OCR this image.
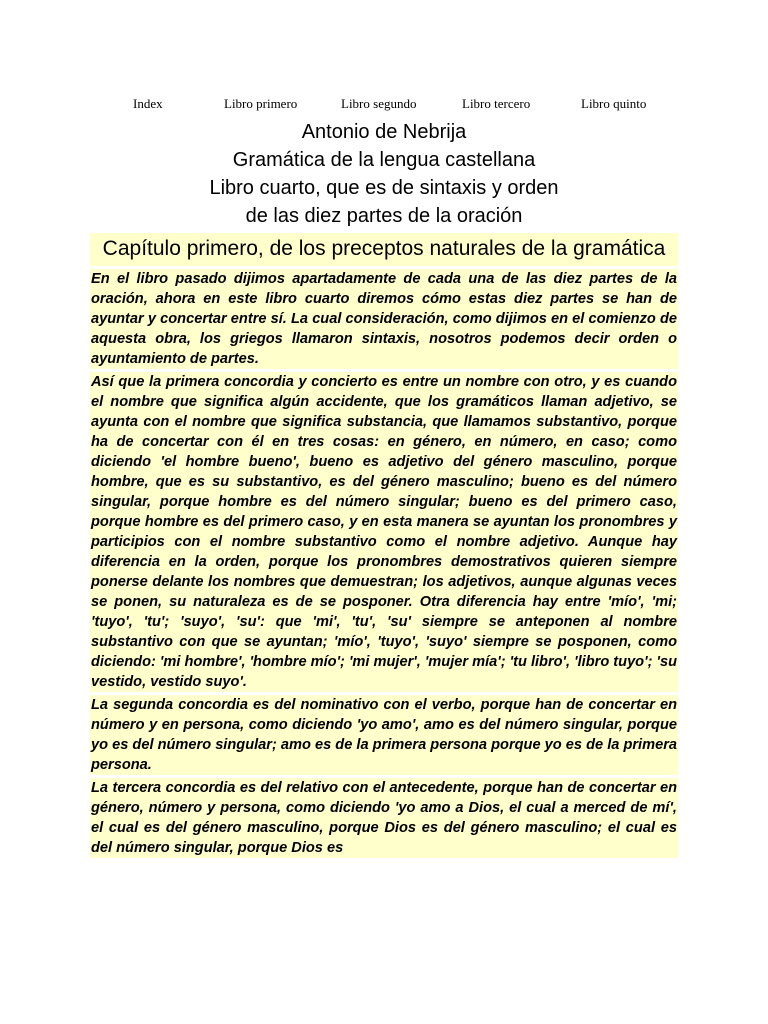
Index	Libro primero	Libro segundo	Libro tercero	Libro quinto
Antonio de Nebrija
Gramática de la lengua castellana
Libro cuarto, que es de sintaxis y orden
de las diez partes de la oración
Capítulo primero, de los preceptos naturales de la gramática
En el libro pasado dijimos apartadamente de cada una de las diez partes de la oración, ahora en este libro cuarto diremos cómo estas diez partes se han de ayuntar y concertar entre sí. La cual consideración, como dijimos en el comienzo de aquesta obra, los griegos llamaron sintaxis, nosotros podemos decir orden o ayuntamiento de partes.
Así que la primera concordia y concierto es entre un nombre con otro, y es cuando el nombre que significa algún accidente, que los gramáticos llaman adjetivo, se ayunta con el nombre que significa substancia, que llamamos substantivo, porque ha de concertar con él en tres cosas: en género, en número, en caso; como diciendo 'el hombre bueno', bueno es adjetivo del género masculino, porque hombre, que es su substantivo, es del género masculino; bueno es del número singular, porque hombre es del número singular; bueno es del primero caso, porque hombre es del primero caso, y en esta manera se ayuntan los pronombres y participios con el nombre substantivo como el nombre adjetivo. Aunque hay diferencia en la orden, porque los pronombres demostrativos quieren siempre ponerse delante los nombres que demuestran; los adjetivos, aunque algunas veces se ponen, su naturaleza es de se posponer. Otra diferencia hay entre 'mío', 'mi; 'tuyo', 'tu'; 'suyo', 'su': que 'mi', 'tu', 'su' siempre se anteponen al nombre substantivo con que se ayuntan; 'mío', 'tuyo', 'suyo' siempre se posponen, como diciendo: 'mi hombre', 'hombre mío'; 'mi mujer', 'mujer mía'; 'tu libro', 'libro tuyo'; 'su vestido, vestido suyo'.
La segunda concordia es del nominativo con el verbo, porque han de concertar en número y en persona, como diciendo 'yo amo', amo es del número singular, porque yo es del número singular; amo es de la primera persona porque yo es de la primera persona.
La tercera concordia es del relativo con el antecedente, porque han de concertar en género, número y persona, como diciendo 'yo amo a Dios, el cual a merced de mí', el cual es del género masculino, porque Dios es del género masculino; el cual es del número singular, porque Dios es
